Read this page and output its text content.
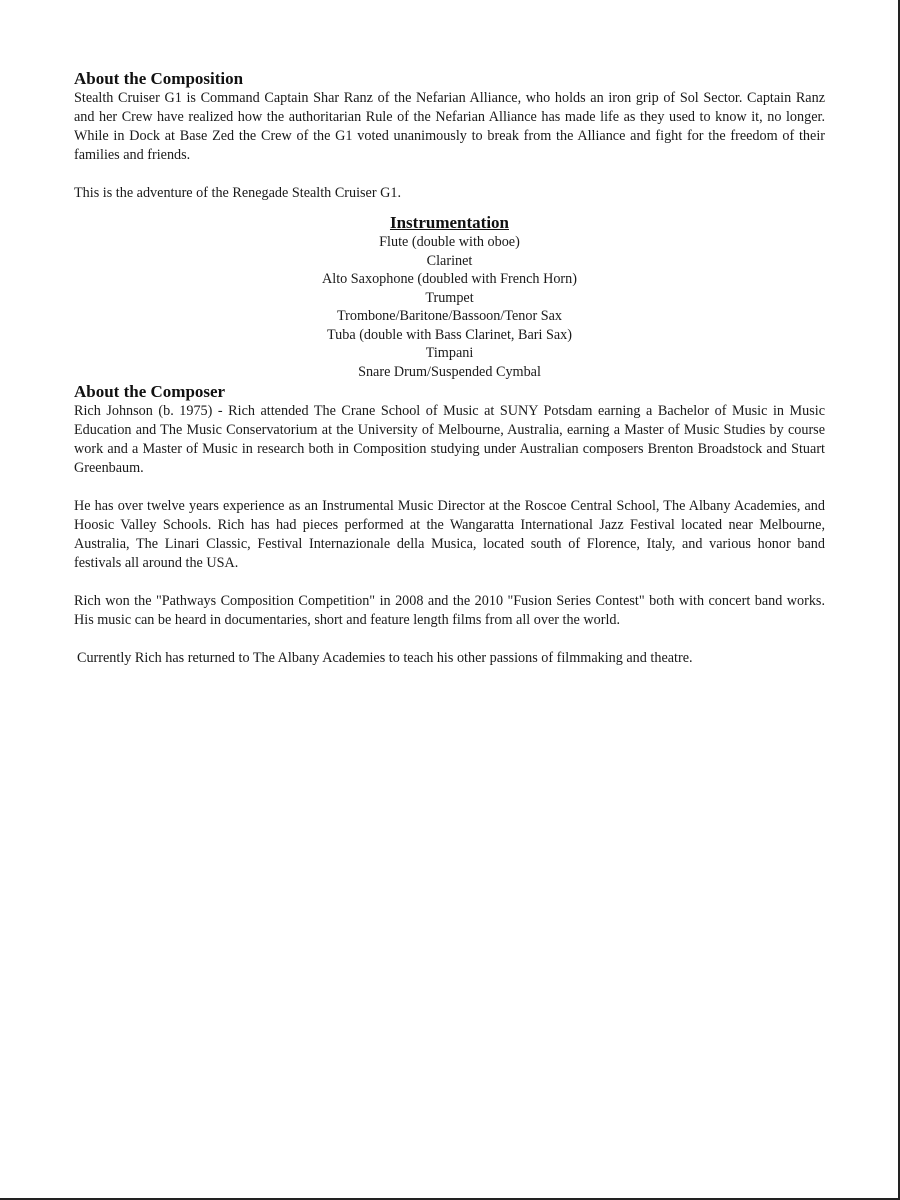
About the Composition

Stealth Cruiser G1 is Command Captain Shar Ranz of the Nefarian Alliance, who holds an iron grip of Sol Sector. Captain Ranz and her Crew have realized how the authoritarian Rule of the Nefarian Alliance has made life as they used to know it, no longer. While in Dock at Base Zed the Crew of the G1 voted unanimously to break from the Alliance and fight for the freedom of their families and friends.

This is the adventure of the Renegade Stealth Cruiser G1.

Instrumentation
Flute (double with oboe)
Clarinet
Alto Saxophone (doubled with French Horn)
Trumpet
Trombone/Baritone/Bassoon/Tenor Sax
Tuba (double with Bass Clarinet, Bari Sax)
Timpani
Snare Drum/Suspended Cymbal
About the Composer

Rich Johnson (b. 1975) - Rich attended The Crane School of Music at SUNY Potsdam earning a Bachelor of Music in Music Education and The Music Conservatorium at the University of Melbourne, Australia, earning a Master of Music Studies by course work and a Master of Music in research both in Composition studying under Australian composers Brenton Broadstock and Stuart Greenbaum.

He has over twelve years experience as an Instrumental Music Director at the Roscoe Central School, The Albany Academies, and Hoosic Valley Schools. Rich has had pieces performed at the Wangaratta International Jazz Festival located near Melbourne, Australia, The Linari Classic, Festival Internazionale della Musica, located south of Florence, Italy, and various honor band festivals all around the USA.

Rich won the "Pathways Composition Competition" in 2008 and the 2010 "Fusion Series Contest" both with concert band works. His music can be heard in documentaries, short and feature length films from all over the world.

Currently Rich has returned to The Albany Academies to teach his other passions of filmmaking and theatre.
